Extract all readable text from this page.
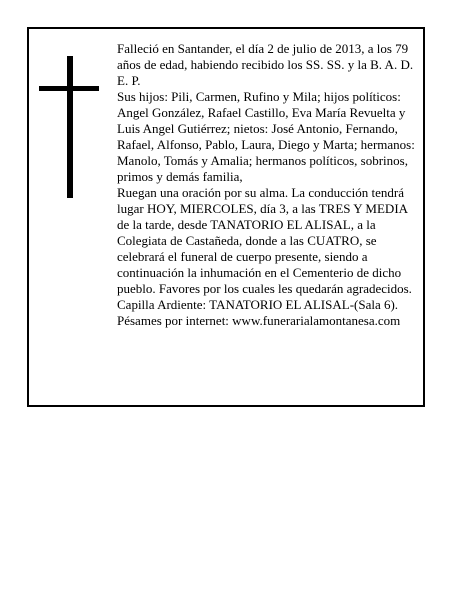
Falleció en Santander, el día 2 de julio de 2013, a los 79 años de edad, habiendo recibido los SS. SS. y la B. A. D. E. P.

Sus hijos: Pili, Carmen, Rufino y Mila; hijos políticos: Angel González, Rafael Castillo, Eva María Revuelta y Luis Angel Gutiérrez; nietos: José Antonio, Fernando, Rafael, Alfonso, Pablo, Laura, Diego y Marta; hermanos: Manolo, Tomás y Amalia; hermanos políticos, sobrinos, primos y demás familia,

Ruegan una oración por su alma. La conducción tendrá lugar HOY, MIERCOLES, día 3, a las TRES Y MEDIA de la tarde, desde TANATORIO EL ALISAL, a la Colegiata de Castañeda, donde a las CUATRO, se celebrará el funeral de cuerpo presente, siendo a continuación la inhumación en el Cementerio de dicho pueblo. Favores por los cuales les quedarán agradecidos. Capilla Ardiente: TANATORIO EL ALISAL-(Sala 6).

Pésames por internet: www.funerarialamontanesa.com
